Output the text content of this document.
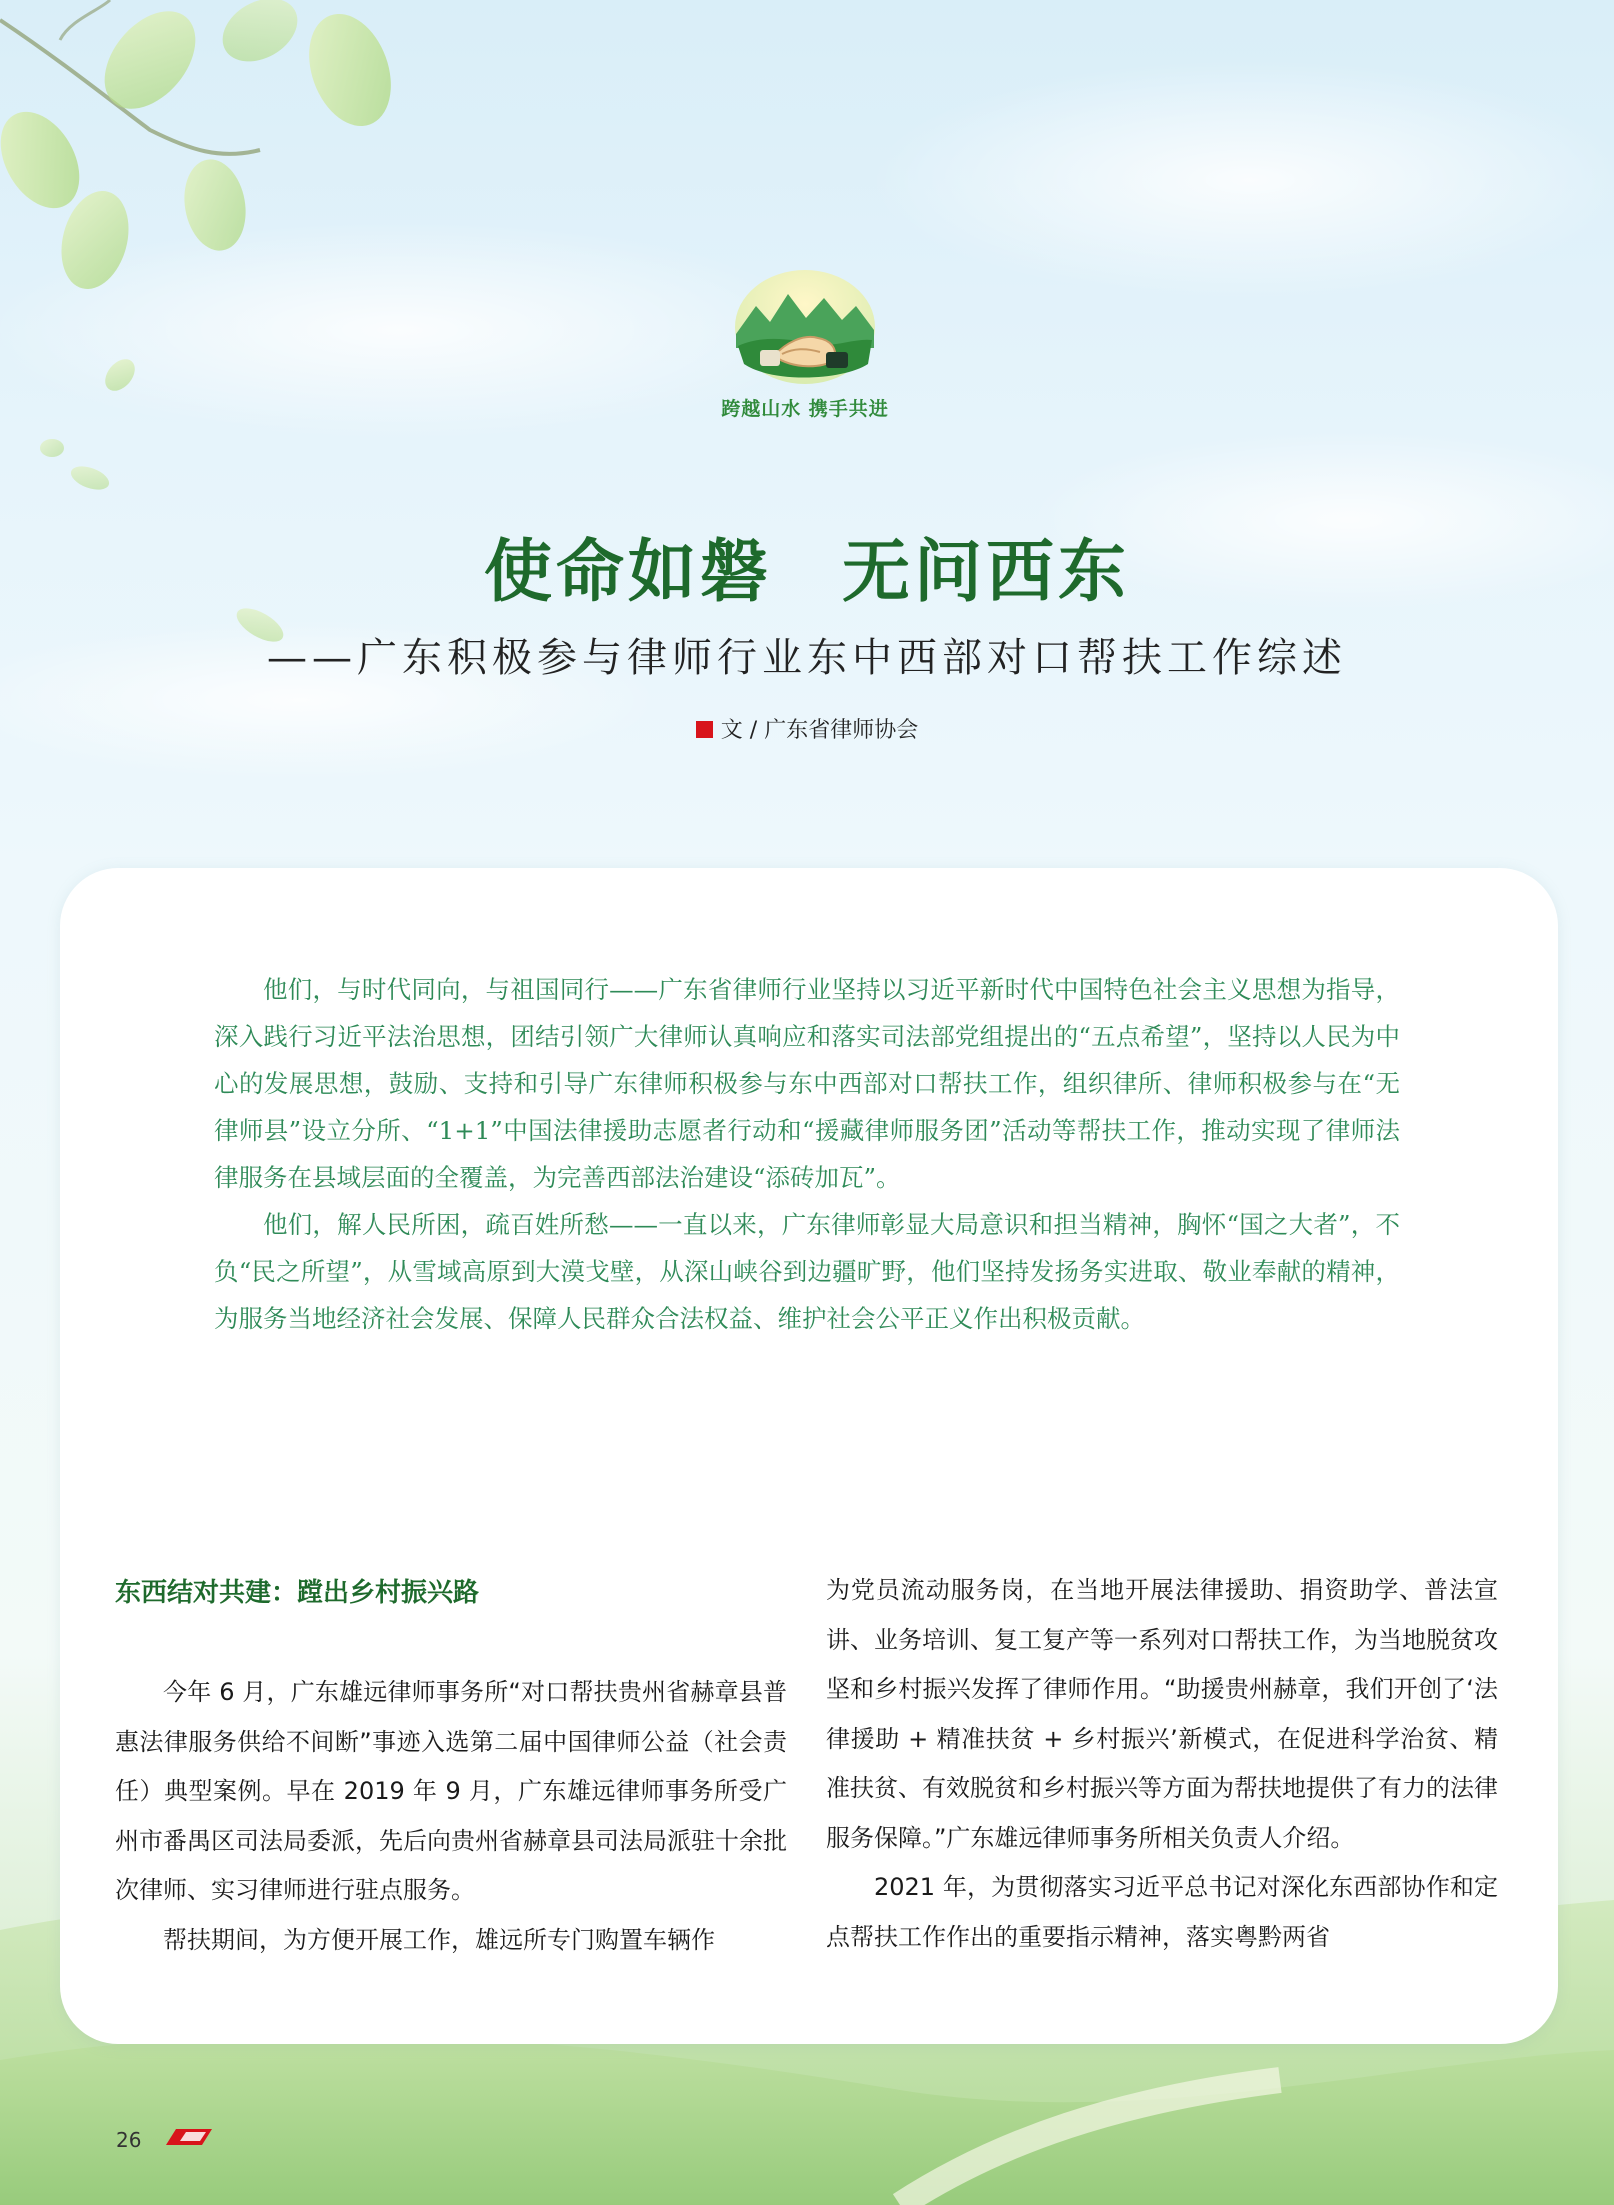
跨越山水 携手共进
使命如磐 无问西东
——广东积极参与律师行业东中西部对口帮扶工作综述
文 / 广东省律师协会

他们，与时代同向，与祖国同行——广东省律师行业坚持以习近平新时代中国特色社会主义思想为指导，深入践行习近平法治思想，团结引领广大律师认真响应和落实司法部党组提出的“五点希望”，坚持以人民为中心的发展思想，鼓励、支持和引导广东律师积极参与东中西部对口帮扶工作，组织律所、律师积极参与在“无律师县”设立分所、“1+1”中国法律援助志愿者行动和“援藏律师服务团”活动等帮扶工作，推动实现了律师法律服务在县域层面的全覆盖，为完善西部法治建设“添砖加瓦”。

他们，解人民所困，疏百姓所愁——一直以来，广东律师彰显大局意识和担当精神，胸怀“国之大者”，不负“民之所望”，从雪域高原到大漠戈壁，从深山峡谷到边疆旷野，他们坚持发扬务实进取、敬业奉献的精神，为服务当地经济社会发展、保障人民群众合法权益、维护社会公平正义作出积极贡献。

东西结对共建：蹚出乡村振兴路

今年 6 月，广东雄远律师事务所“对口帮扶贵州省赫章县普惠法律服务供给不间断”事迹入选第二届中国律师公益（社会责任）典型案例。早在 2019 年 9 月，广东雄远律师事务所受广州市番禺区司法局委派，先后向贵州省赫章县司法局派驻十余批次律师、实习律师进行驻点服务。

帮扶期间，为方便开展工作，雄远所专门购置车辆作

为党员流动服务岗，在当地开展法律援助、捐资助学、普法宣讲、业务培训、复工复产等一系列对口帮扶工作，为当地脱贫攻坚和乡村振兴发挥了律师作用。“助援贵州赫章，我们开创了‘法律援助 + 精准扶贫 + 乡村振兴’新模式，在促进科学治贫、精准扶贫、有效脱贫和乡村振兴等方面为帮扶地提供了有力的法律服务保障。”广东雄远律师事务所相关负责人介绍。

2021 年，为贯彻落实习近平总书记对深化东西部协作和定点帮扶工作作出的重要指示精神，落实粤黔两省

26
